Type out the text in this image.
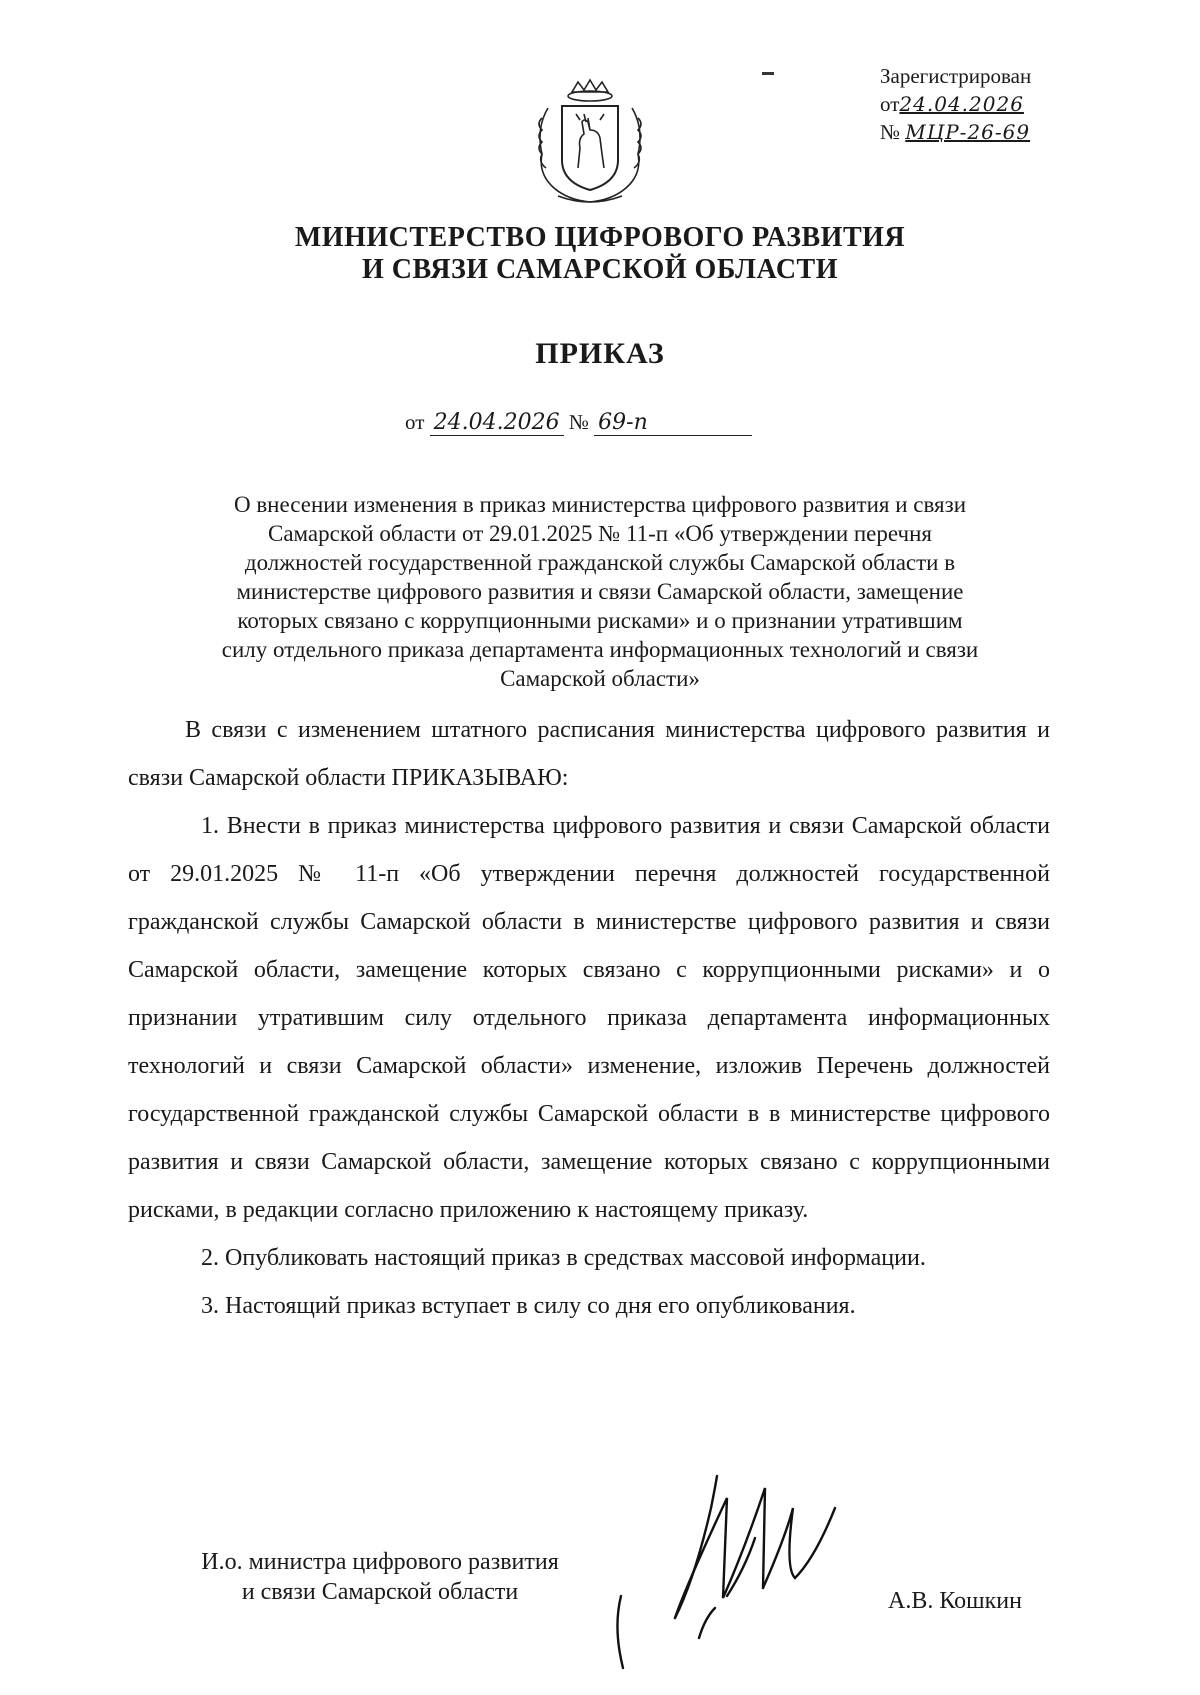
Зарегистрирован
от24.04.2026
№ МЦР-26-69
МИНИСТЕРСТВО ЦИФРОВОГО РАЗВИТИЯ
И СВЯЗИ САМАРСКОЙ ОБЛАСТИ
ПРИКАЗ
от 24.04.2026 № 69-п
О внесении изменения в приказ министерства цифрового развития и связи
Самарской области от 29.01.2025 № 11-п «Об утверждении перечня
должностей государственной гражданской службы Самарской области в
министерстве цифрового развития и связи Самарской области, замещение
которых связано с коррупционными рисками» и о признании утратившим
силу отдельного приказа департамента информационных технологий и связи
Самарской области»

В связи с изменением штатного расписания министерства цифрового развития и связи Самарской области ПРИКАЗЫВАЮ:

1. Внести в приказ министерства цифрового развития и связи Самарской области от 29.01.2025 № 11-п «Об утверждении перечня должностей государственной гражданской службы Самарской области в министерстве цифрового развития и связи Самарской области, замещение которых связано с коррупционными рисками» и о признании утратившим силу отдельного приказа департамента информационных технологий и связи Самарской области» изменение, изложив Перечень должностей государственной гражданской службы Самарской области в в министерстве цифрового развития и связи Самарской области, замещение которых связано с коррупционными рисками, в редакции согласно приложению к настоящему приказу.

2. Опубликовать настоящий приказ в средствах массовой информации.

3. Настоящий приказ вступает в силу со дня его опубликования.

И.о. министра цифрового развития
и связи Самарской области	А.В. Кошкин
